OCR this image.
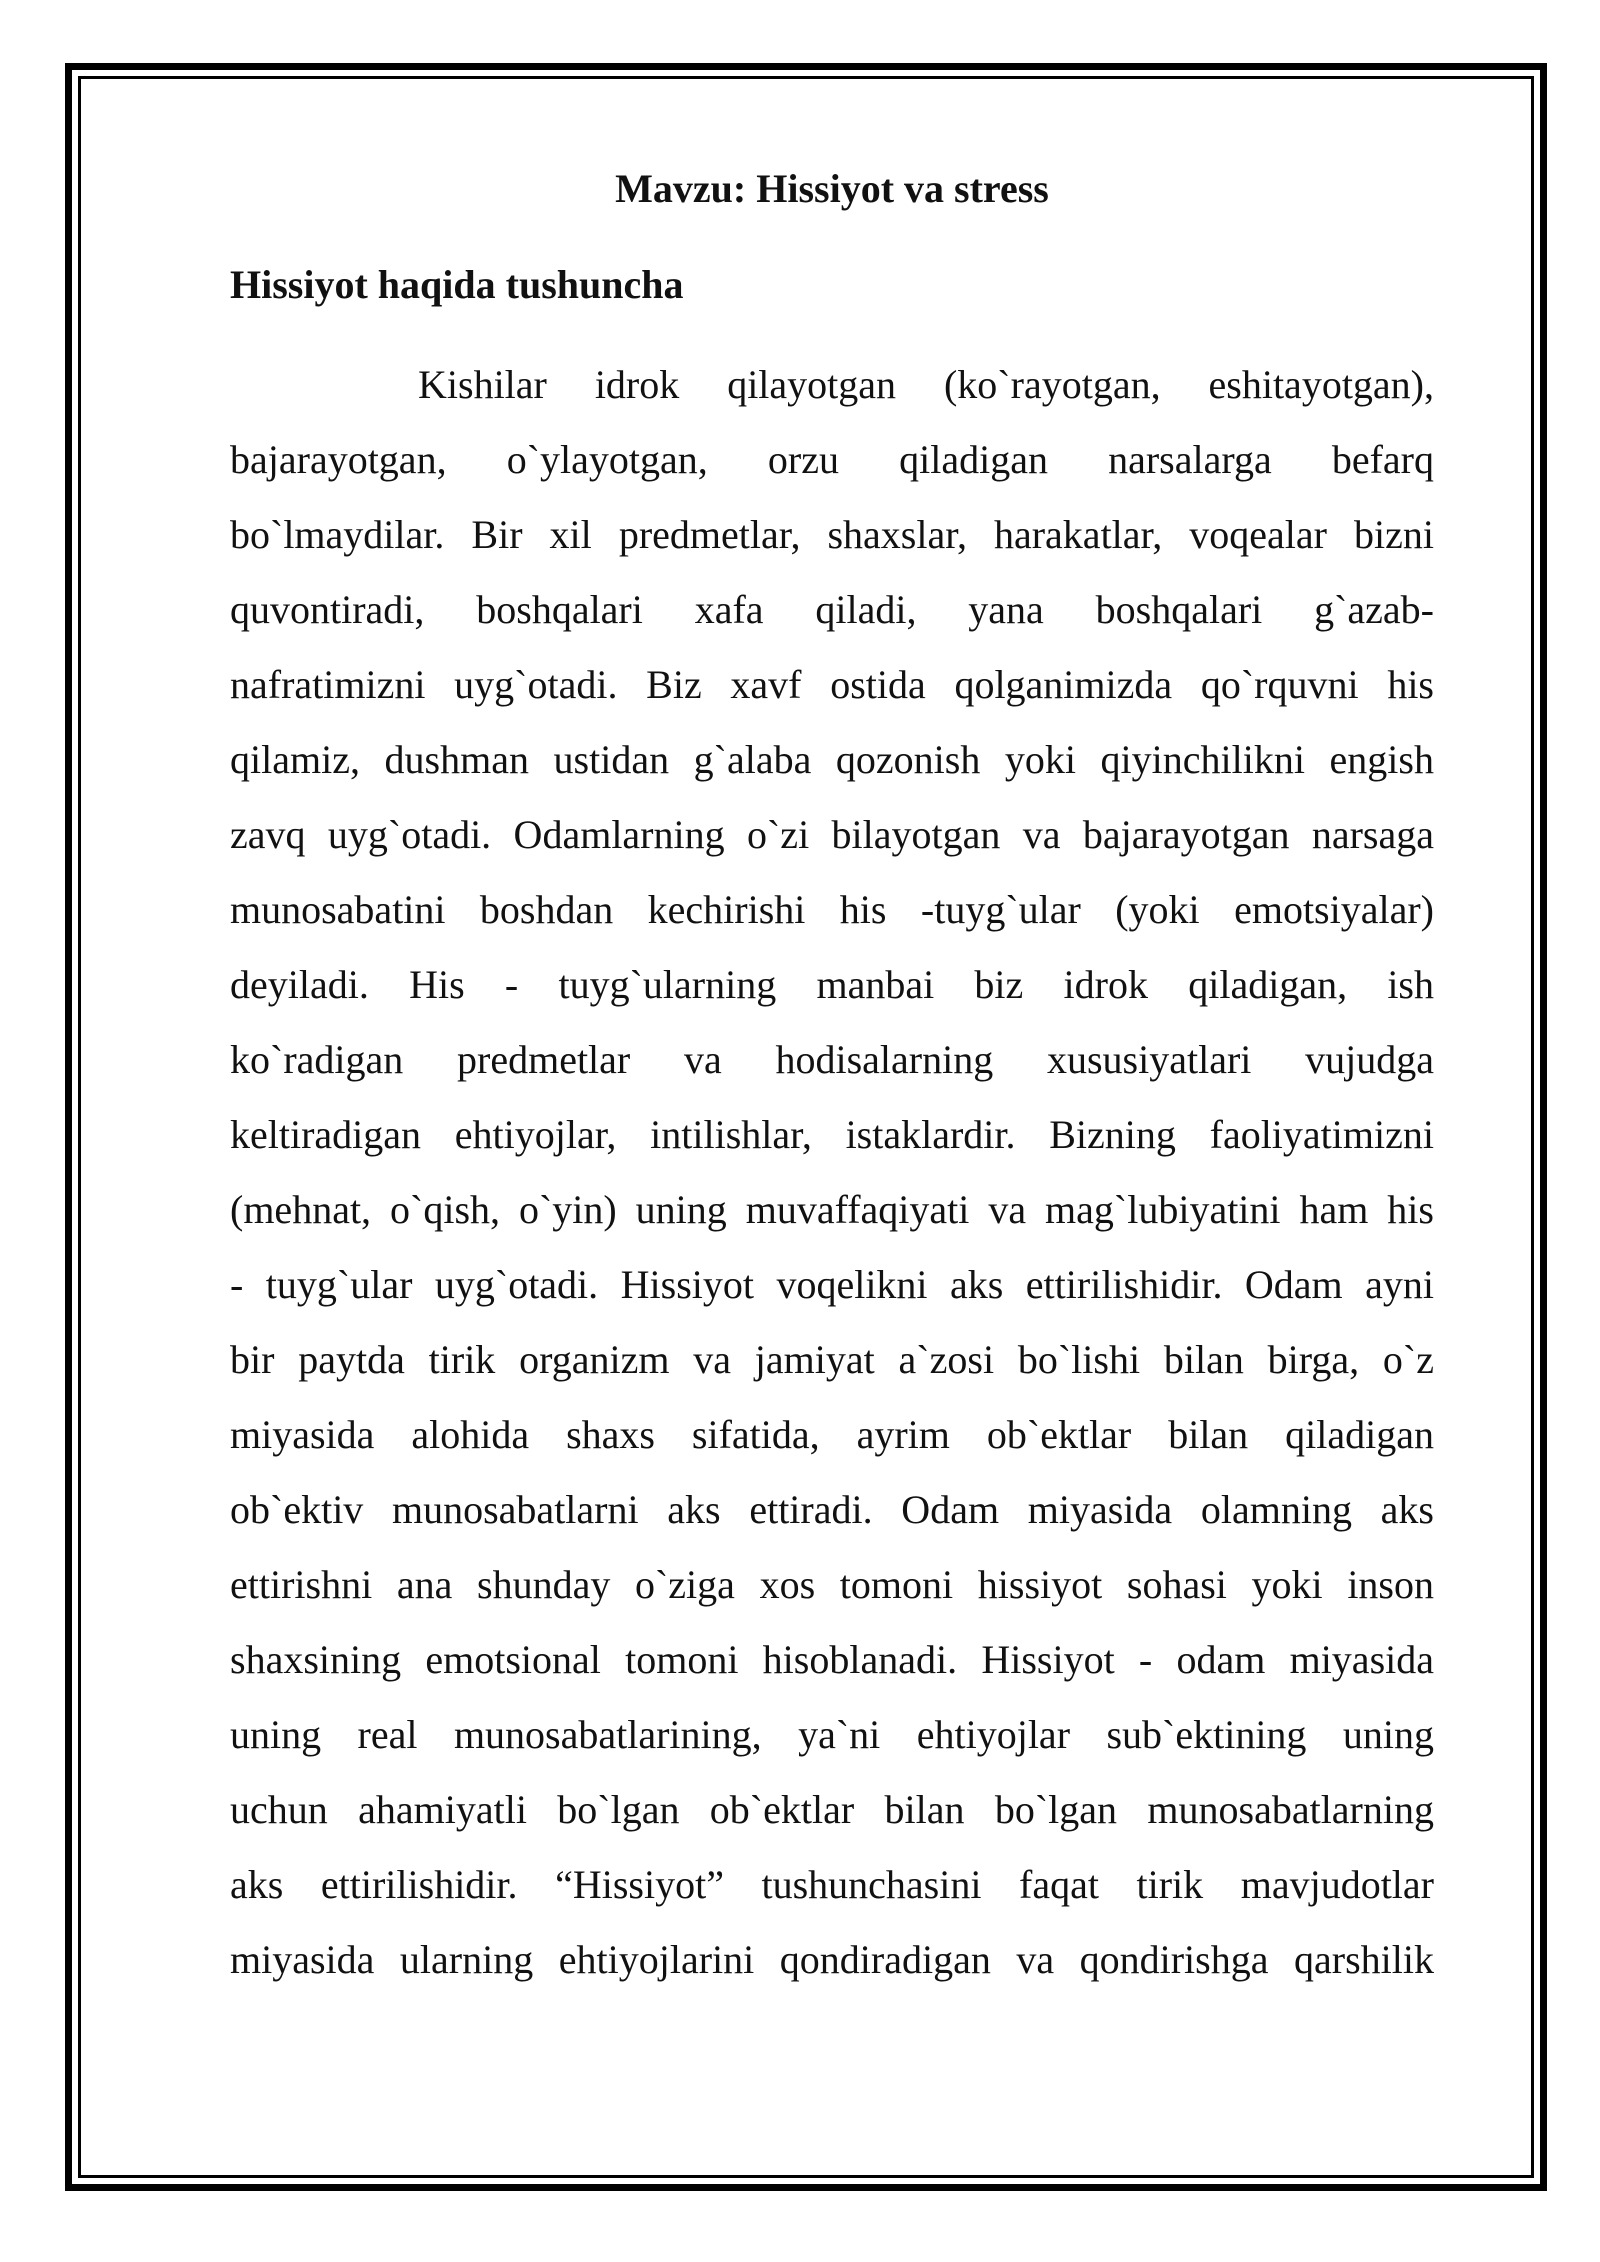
Mavzu: Hissiyot va stress
Hissiyot haqida tushuncha
Kishilar idrok qilayotgan (ko`rayotgan, eshitayotgan),
bajarayotgan, o`ylayotgan, orzu qiladigan narsalarga befarq
bo`lmaydilar. Bir xil predmetlar, shaxslar, harakatlar, voqealar bizni
quvontiradi, boshqalari xafa qiladi, yana boshqalari g`azab-
nafratimizni uyg`otadi. Biz xavf ostida qolganimizda qo`rquvni his
qilamiz, dushman ustidan g`alaba qozonish yoki qiyinchilikni engish
zavq uyg`otadi. Odamlarning o`zi bilayotgan va bajarayotgan narsaga
munosabatini boshdan kechirishi his -tuyg`ular (yoki emotsiyalar)
deyiladi. His - tuyg`ularning manbai biz idrok qiladigan, ish
ko`radigan predmetlar va hodisalarning xususiyatlari vujudga
keltiradigan ehtiyojlar, intilishlar, istaklardir. Bizning faoliyatimizni
(mehnat, o`qish, o`yin) uning muvaffaqiyati va mag`lubiyatini ham his
- tuyg`ular uyg`otadi. Hissiyot voqelikni aks ettirilishidir. Odam ayni
bir paytda tirik organizm va jamiyat a`zosi bo`lishi bilan birga, o`z
miyasida alohida shaxs sifatida, ayrim ob`ektlar bilan qiladigan
ob`ektiv munosabatlarni aks ettiradi. Odam miyasida olamning aks
ettirishni ana shunday o`ziga xos tomoni hissiyot sohasi yoki inson
shaxsining emotsional tomoni hisoblanadi. Hissiyot - odam miyasida
uning real munosabatlarining, ya`ni ehtiyojlar sub`ektining uning
uchun ahamiyatli bo`lgan ob`ektlar bilan bo`lgan munosabatlarning
aks ettirilishidir. “Hissiyot” tushunchasini faqat tirik mavjudotlar
miyasida ularning ehtiyojlarini qondiradigan va qondirishga qarshilik
